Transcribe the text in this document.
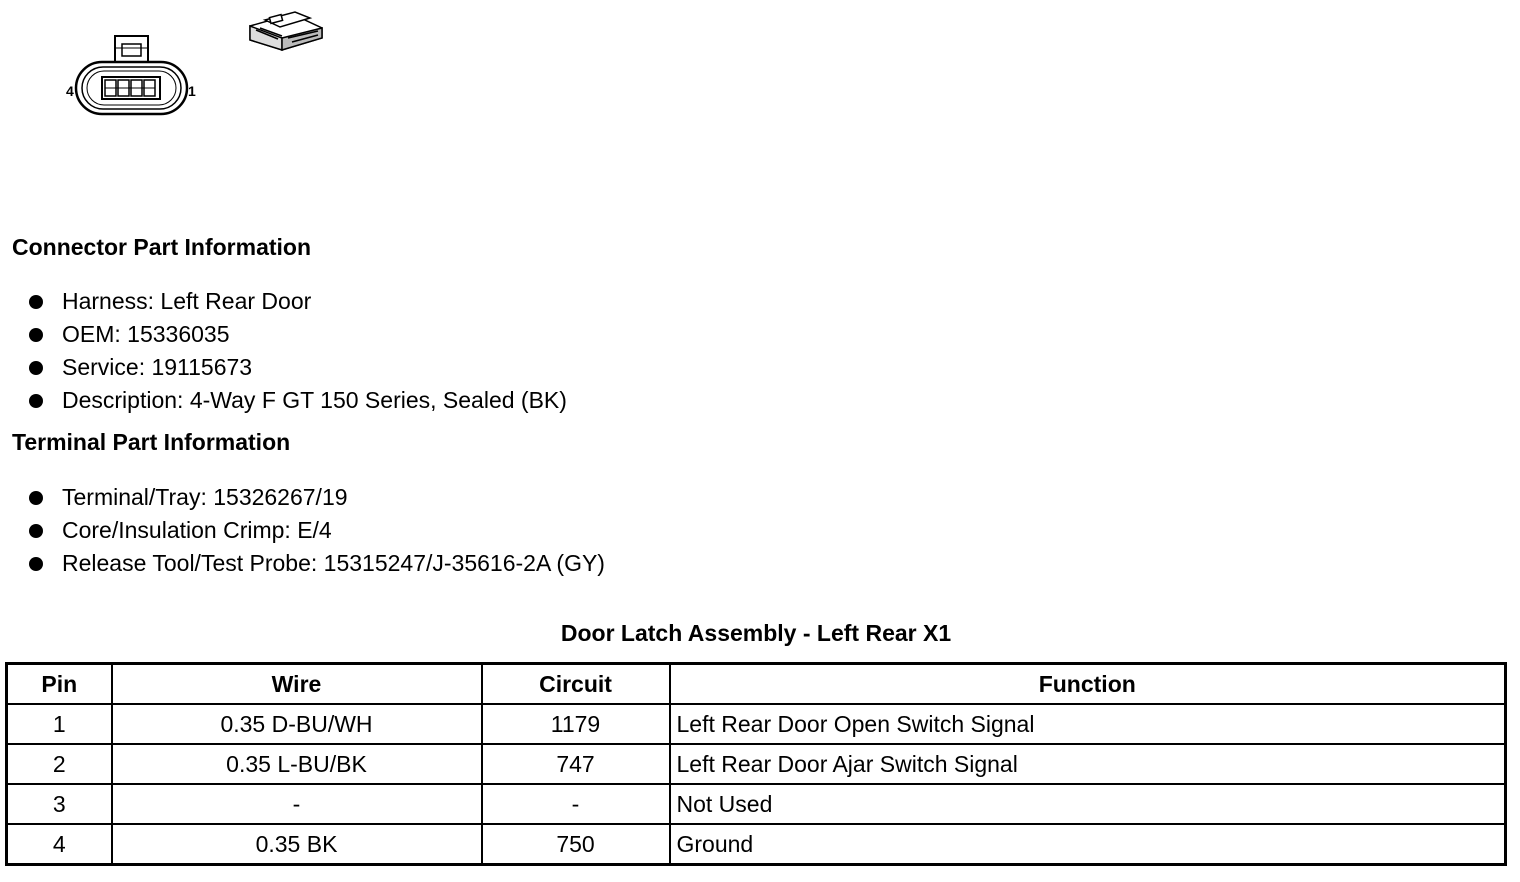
4	1
Connector Part Information
Harness: Left Rear Door
OEM: 15336035
Service: 19115673
Description: 4-Way F GT 150 Series, Sealed (BK)
Terminal Part Information
Terminal/Tray: 15326267/19
Core/Insulation Crimp: E/4
Release Tool/Test Probe: 15315247/J-35616-2A (GY)
Door Latch Assembly - Left Rear X1
Pin	Wire	Circuit	Function
1	0.35 D-BU/WH	1179	Left Rear Door Open Switch Signal
2	0.35 L-BU/BK	747	Left Rear Door Ajar Switch Signal
3	-	-	Not Used
4	0.35 BK	750	Ground
